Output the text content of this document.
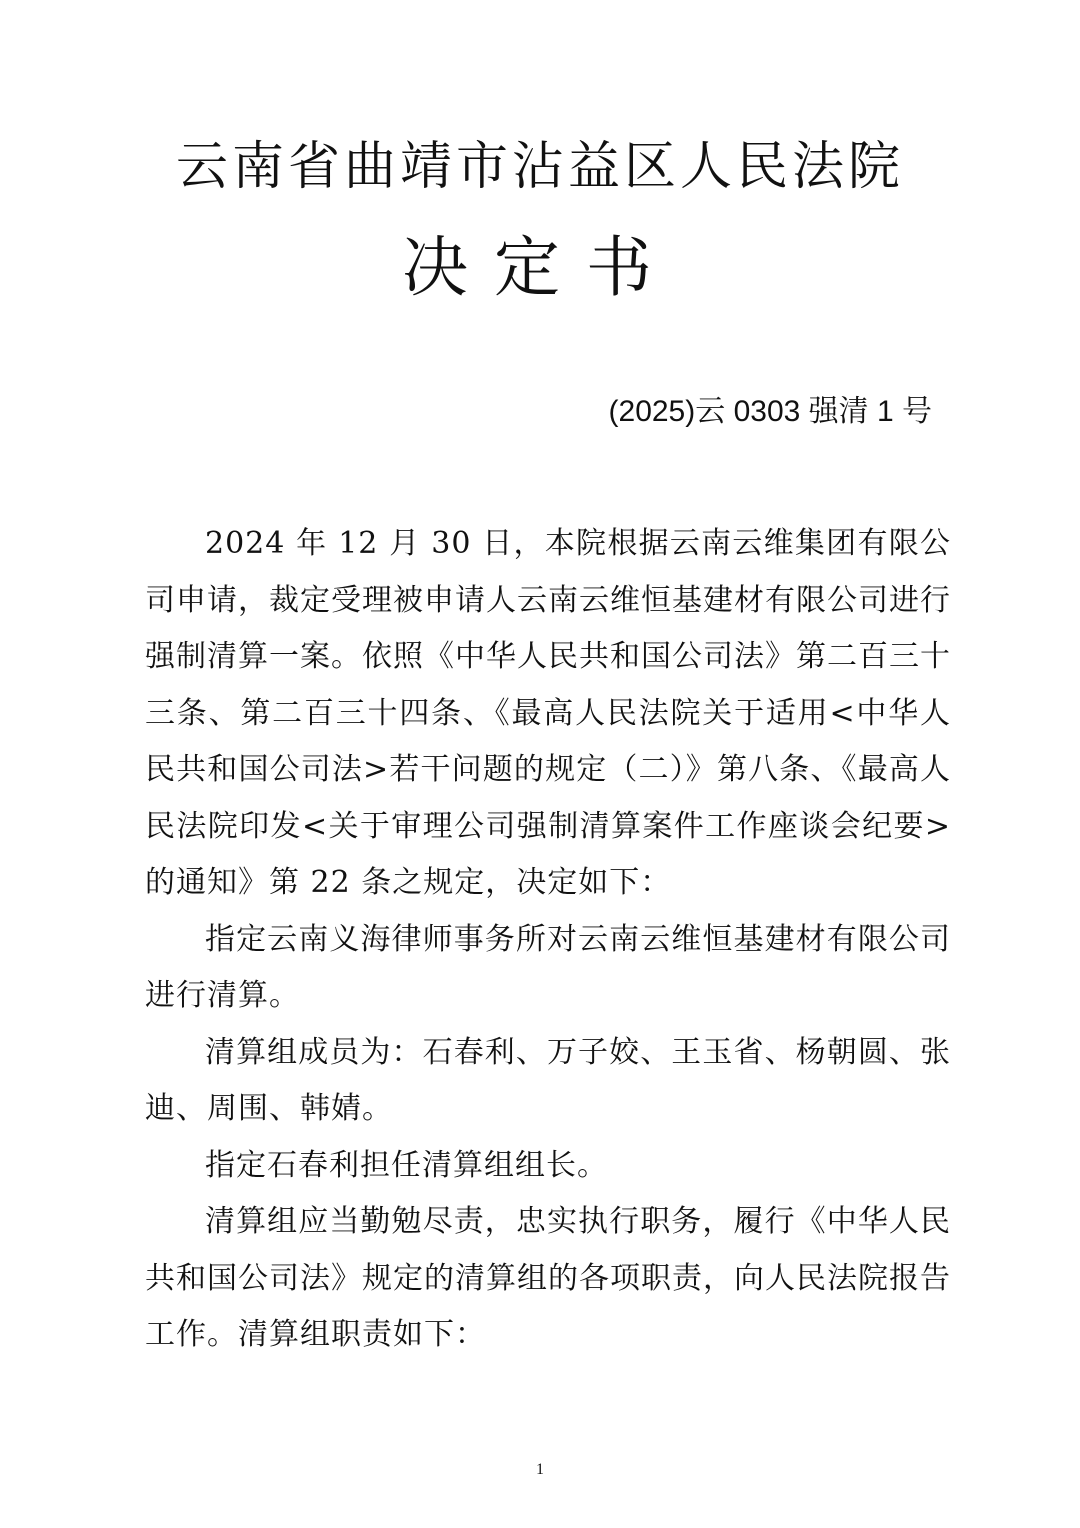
云南省曲靖市沾益区人民法院
决定书
(2025)云 0303 强清 1 号

2024 年 12 月 30 日，本院根据云南云维集团有限公司申请，裁定受理被申请人云南云维恒基建材有限公司进行强制清算一案。依照《中华人民共和国公司法》第二百三十三条、第二百三十四条、《最高人民法院关于适用<中华人民共和国公司法>若干问题的规定（二）》第八条、《最高人民法院印发<关于审理公司强制清算案件工作座谈会纪要>的通知》第 22 条之规定，决定如下：

指定云南义海律师事务所对云南云维恒基建材有限公司进行清算。

清算组成员为：石春利、万子姣、王玉省、杨朝圆、张迪、周围、韩婧。

指定石春利担任清算组组长。

清算组应当勤勉尽责，忠实执行职务，履行《中华人民共和国公司法》规定的清算组的各项职责，向人民法院报告工作。清算组职责如下：

1
